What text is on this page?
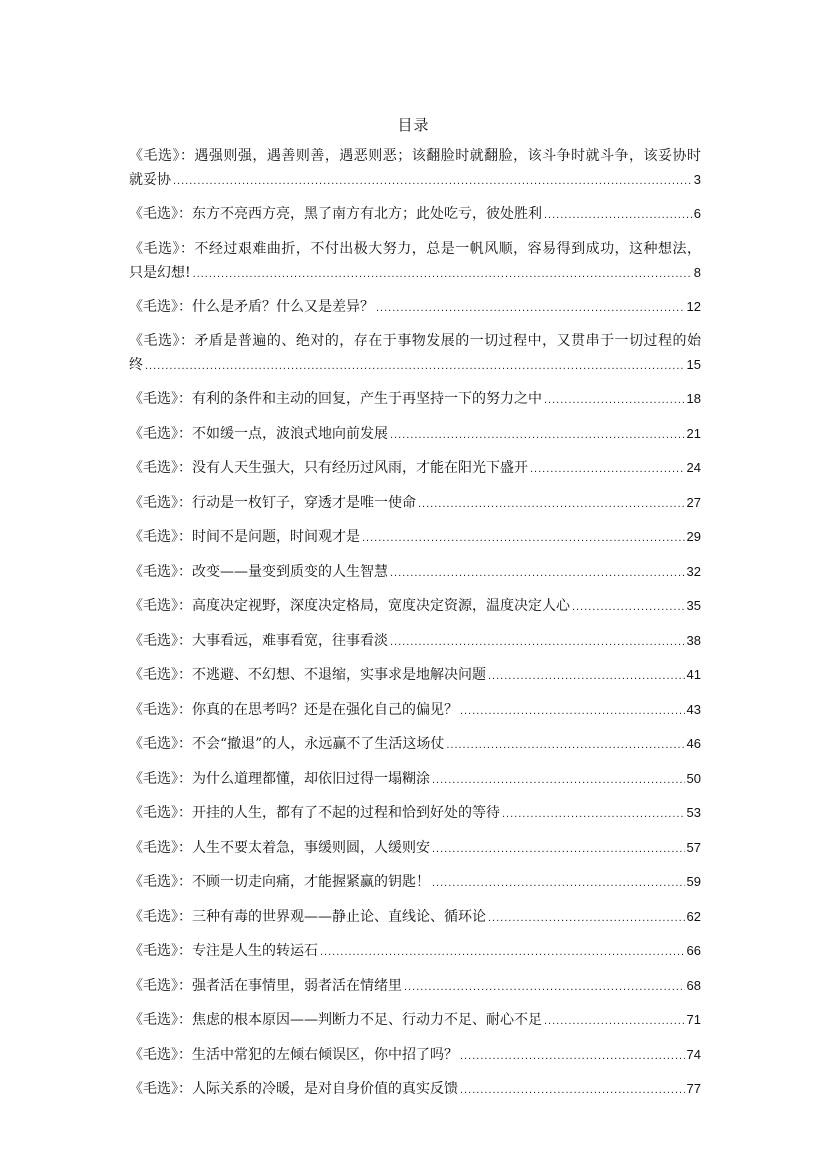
目录
《毛选》：遇强则强，遇善则善，遇恶则恶；该翻脸时就翻脸，该斗争时就斗争，该妥协时
就妥协 .....	3
《毛选》：东方不亮西方亮，黑了南方有北方；此处吃亏，彼处胜利 .....	6
《毛选》：不经过艰难曲折，不付出极大努力，总是一帆风顺，容易得到成功，这种想法，
只是幻想! .....	8
《毛选》：什么是矛盾？什么又是差异？ .....	12
《毛选》：矛盾是普遍的、绝对的，存在于事物发展的一切过程中，又贯串于一切过程的始
终 .....	15
《毛选》：有利的条件和主动的回复，产生于再坚持一下的努力之中 .....	18
《毛选》：不如缓一点，波浪式地向前发展 .....	21
《毛选》：没有人天生强大，只有经历过风雨，才能在阳光下盛开 .....	24
《毛选》：行动是一枚钉子，穿透才是唯一使命 .....	27
《毛选》：时间不是问题，时间观才是 .....	29
《毛选》：改变——量变到质变的人生智慧 .....	32
《毛选》：高度决定视野，深度决定格局，宽度决定资源，温度决定人心 .....	35
《毛选》：大事看远，难事看宽，往事看淡 .....	38
《毛选》：不逃避、不幻想、不退缩，实事求是地解决问题 .....	41
《毛选》：你真的在思考吗？还是在强化自己的偏见？ .....	43
《毛选》：不会“撤退”的人，永远赢不了生活这场仗 .....	46
《毛选》：为什么道理都懂，却依旧过得一塌糊涂 .....	50
《毛选》：开挂的人生，都有了不起的过程和恰到好处的等待 .....	53
《毛选》：人生不要太着急，事缓则圆，人缓则安 .....	57
《毛选》：不顾一切走向痛，才能握紧赢的钥匙！ .....	59
《毛选》：三种有毒的世界观——静止论、直线论、循环论 .....	62
《毛选》：专注是人生的转运石 .....	66
《毛选》：强者活在事情里，弱者活在情绪里 .....	68
《毛选》：焦虑的根本原因——判断力不足、行动力不足、耐心不足 .....	71
《毛选》：生活中常犯的左倾右倾误区，你中招了吗？ .....	74
《毛选》：人际关系的冷暖，是对自身价值的真实反馈 .....	77
